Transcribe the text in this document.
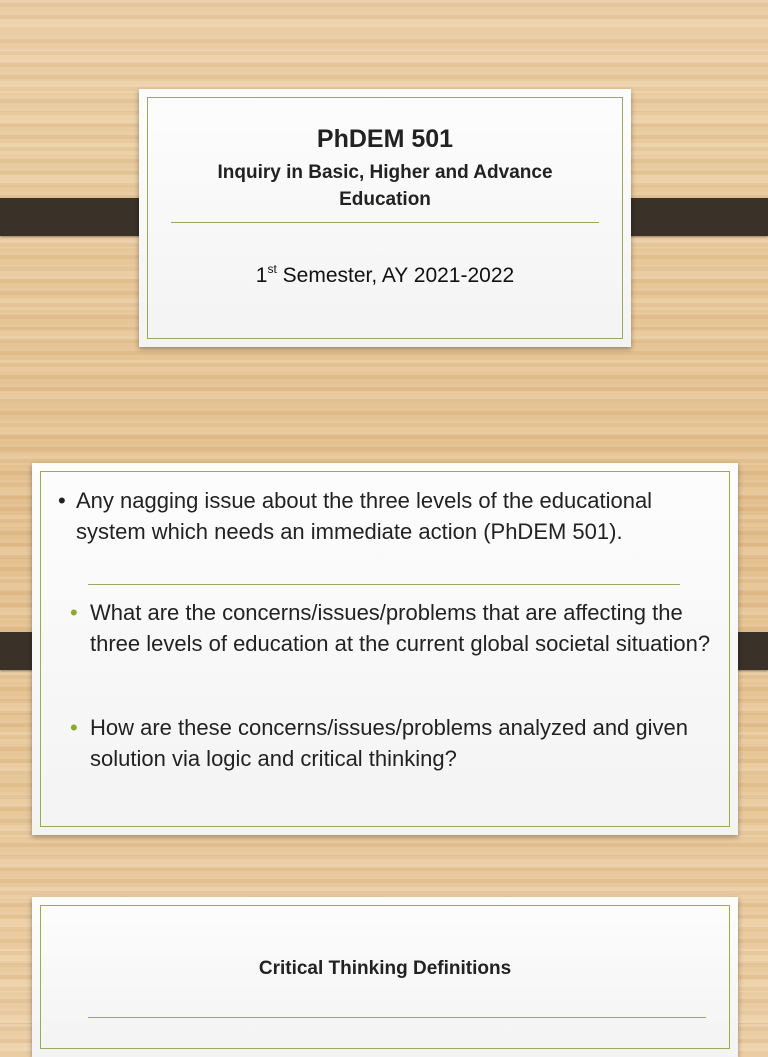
PhDEM 501
Inquiry in Basic, Higher and Advance
Education
1st Semester, AY 2021-2022
• Any nagging issue about the three levels of the educational system which needs an immediate action (PhDEM 501).
• What are the concerns/issues/problems that are affecting the three levels of education at the current global societal situation?
• How are these concerns/issues/problems analyzed and given solution via logic and critical thinking?
Critical Thinking Definitions
